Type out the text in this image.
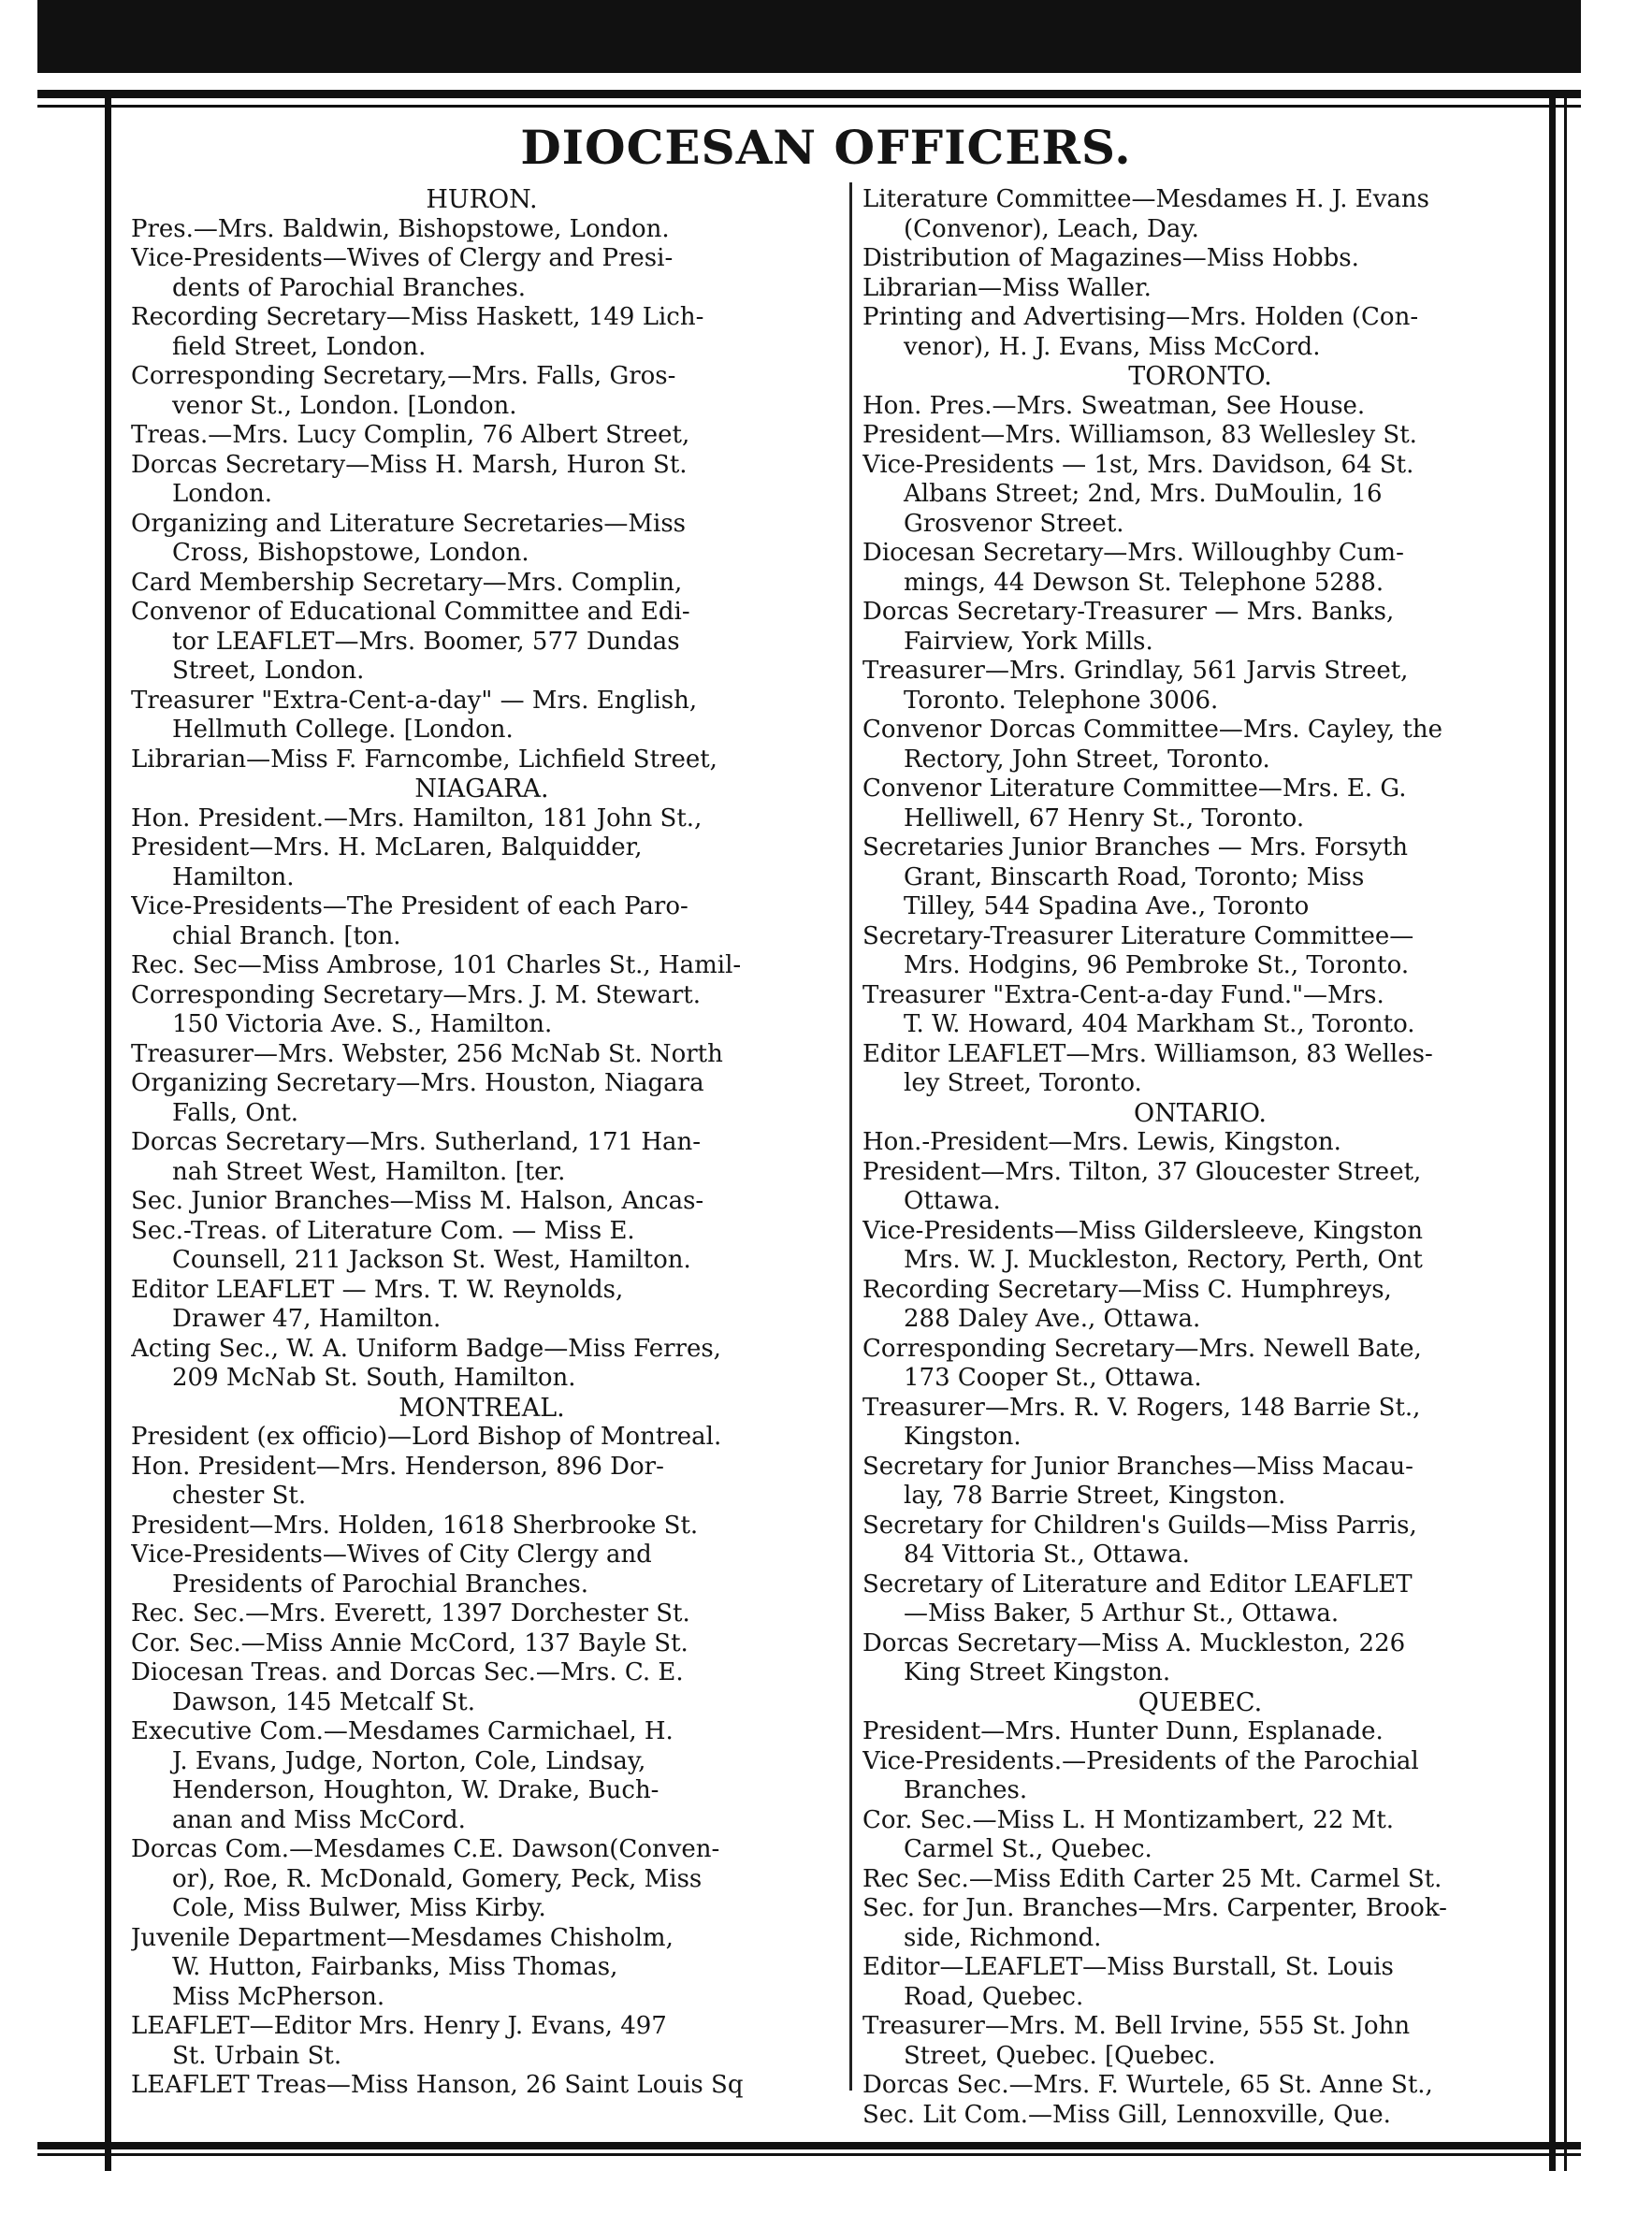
DIOCESAN OFFICERS.
HURON.
Pres.—Mrs. Baldwin, Bishopstowe, London.
Vice-Presidents—Wives of Clergy and Presi-
dents of Parochial Branches.
Recording Secretary—Miss Haskett, 149 Lich-
field Street, London.
Corresponding Secretary,—Mrs. Falls, Gros-
venor St., London. [London.
Treas.—Mrs. Lucy Complin, 76 Albert Street,
Dorcas Secretary—Miss H. Marsh, Huron St.
London.
Organizing and Literature Secretaries—Miss
Cross, Bishopstowe, London.
Card Membership Secretary—Mrs. Complin,
Convenor of Educational Committee and Edi-
tor LEAFLET—Mrs. Boomer, 577 Dundas
Street, London.
Treasurer "Extra-Cent-a-day" — Mrs. English,
Hellmuth College. [London.
Librarian—Miss F. Farncombe, Lichfield Street,
NIAGARA.
Hon. President.—Mrs. Hamilton, 181 John St.,
President—Mrs. H. McLaren, Balquidder,
Hamilton.
Vice-Presidents—The President of each Paro-
chial Branch. [ton.
Rec. Sec—Miss Ambrose, 101 Charles St., Hamil-
Corresponding Secretary—Mrs. J. M. Stewart.
150 Victoria Ave. S., Hamilton.
Treasurer—Mrs. Webster, 256 McNab St. North
Organizing Secretary—Mrs. Houston, Niagara
Falls, Ont.
Dorcas Secretary—Mrs. Sutherland, 171 Han-
nah Street West, Hamilton. [ter.
Sec. Junior Branches—Miss M. Halson, Ancas-
Sec.-Treas. of Literature Com. — Miss E.
Counsell, 211 Jackson St. West, Hamilton.
Editor LEAFLET — Mrs. T. W. Reynolds,
Drawer 47, Hamilton.
Acting Sec., W. A. Uniform Badge—Miss Ferres,
209 McNab St. South, Hamilton.
MONTREAL.
President (ex officio)—Lord Bishop of Montreal.
Hon. President—Mrs. Henderson, 896 Dor-
chester St.
President—Mrs. Holden, 1618 Sherbrooke St.
Vice-Presidents—Wives of City Clergy and
Presidents of Parochial Branches.
Rec. Sec.—Mrs. Everett, 1397 Dorchester St.
Cor. Sec.—Miss Annie McCord, 137 Bayle St.
Diocesan Treas. and Dorcas Sec.—Mrs. C. E.
Dawson, 145 Metcalf St.
Executive Com.—Mesdames Carmichael, H.
J. Evans, Judge, Norton, Cole, Lindsay,
Henderson, Houghton, W. Drake, Buch-
anan and Miss McCord.
Dorcas Com.—Mesdames C.E. Dawson(Conven-
or), Roe, R. McDonald, Gomery, Peck, Miss
Cole, Miss Bulwer, Miss Kirby.
Juvenile Department—Mesdames Chisholm,
W. Hutton, Fairbanks, Miss Thomas,
Miss McPherson.
LEAFLET—Editor Mrs. Henry J. Evans, 497
St. Urbain St.
LEAFLET Treas—Miss Hanson, 26 Saint Louis Sq
Literature Committee—Mesdames H. J. Evans
(Convenor), Leach, Day.
Distribution of Magazines—Miss Hobbs.
Librarian—Miss Waller.
Printing and Advertising—Mrs. Holden (Con-
venor), H. J. Evans, Miss McCord.
TORONTO.
Hon. Pres.—Mrs. Sweatman, See House.
President—Mrs. Williamson, 83 Wellesley St.
Vice-Presidents — 1st, Mrs. Davidson, 64 St.
Albans Street; 2nd, Mrs. DuMoulin, 16
Grosvenor Street.
Diocesan Secretary—Mrs. Willoughby Cum-
mings, 44 Dewson St. Telephone 5288.
Dorcas Secretary-Treasurer — Mrs. Banks,
Fairview, York Mills.
Treasurer—Mrs. Grindlay, 561 Jarvis Street,
Toronto. Telephone 3006.
Convenor Dorcas Committee—Mrs. Cayley, the
Rectory, John Street, Toronto.
Convenor Literature Committee—Mrs. E. G.
Helliwell, 67 Henry St., Toronto.
Secretaries Junior Branches — Mrs. Forsyth
Grant, Binscarth Road, Toronto; Miss
Tilley, 544 Spadina Ave., Toronto
Secretary-Treasurer Literature Committee—
Mrs. Hodgins, 96 Pembroke St., Toronto.
Treasurer "Extra-Cent-a-day Fund."—Mrs.
T. W. Howard, 404 Markham St., Toronto.
Editor LEAFLET—Mrs. Williamson, 83 Welles-
ley Street, Toronto.
ONTARIO.
Hon.-President—Mrs. Lewis, Kingston.
President—Mrs. Tilton, 37 Gloucester Street,
Ottawa.
Vice-Presidents—Miss Gildersleeve, Kingston
Mrs. W. J. Muckleston, Rectory, Perth, Ont
Recording Secretary—Miss C. Humphreys,
288 Daley Ave., Ottawa.
Corresponding Secretary—Mrs. Newell Bate,
173 Cooper St., Ottawa.
Treasurer—Mrs. R. V. Rogers, 148 Barrie St.,
Kingston.
Secretary for Junior Branches—Miss Macau-
lay, 78 Barrie Street, Kingston.
Secretary for Children's Guilds—Miss Parris,
84 Vittoria St., Ottawa.
Secretary of Literature and Editor LEAFLET
—Miss Baker, 5 Arthur St., Ottawa.
Dorcas Secretary—Miss A. Muckleston, 226
King Street Kingston.
QUEBEC.
President—Mrs. Hunter Dunn, Esplanade.
Vice-Presidents.—Presidents of the Parochial
Branches.
Cor. Sec.—Miss L. H Montizambert, 22 Mt.
Carmel St., Quebec.
Rec Sec.—Miss Edith Carter 25 Mt. Carmel St.
Sec. for Jun. Branches—Mrs. Carpenter, Brook-
side, Richmond.
Editor—LEAFLET—Miss Burstall, St. Louis
Road, Quebec.
Treasurer—Mrs. M. Bell Irvine, 555 St. John
Street, Quebec. [Quebec.
Dorcas Sec.—Mrs. F. Wurtele, 65 St. Anne St.,
Sec. Lit Com.—Miss Gill, Lennoxville, Que.
